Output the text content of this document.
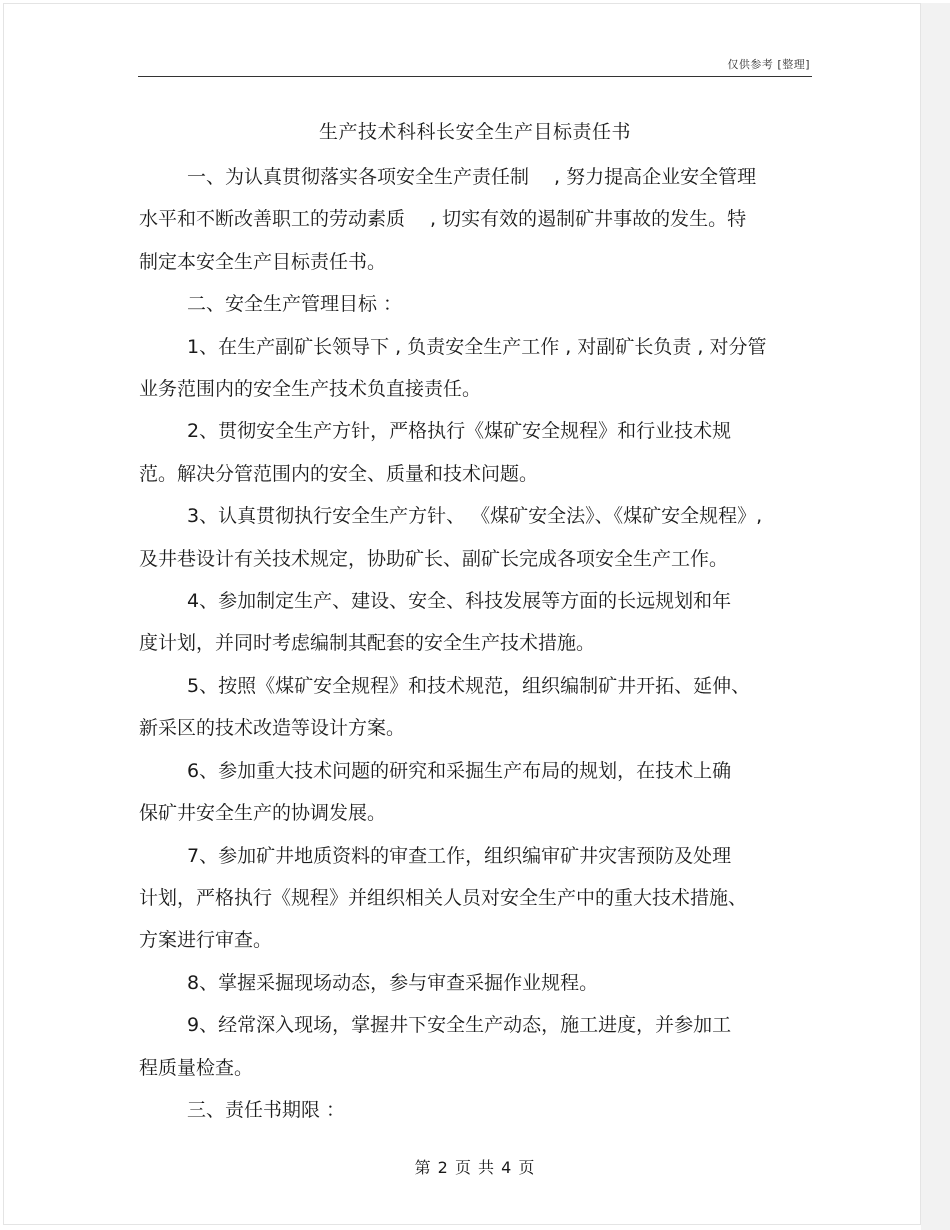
仅供参考 [整理]
生产技术科科长安全生产目标责任书
一、为认真贯彻落实各项安全生产责任制　 , 努力提高企业安全管理
水平和不断改善职工的劳动素质　 , 切实有效的遏制矿井事故的发生。特
制定本安全生产目标责任书。
二、安全生产管理目标 ：
1、在生产副矿长领导下 , 负责安全生产工作 , 对副矿长负责 , 对分管
业务范围内的安全生产技术负直接责任。
2、贯彻安全生产方针，严格执行《煤矿安全规程》和行业技术规
范。解决分管范围内的安全、质量和技术问题。
3、认真贯彻执行安全生产方针、 《煤矿安全法》、《煤矿安全规程》,
及井巷设计有关技术规定，协助矿长、副矿长完成各项安全生产工作。
4、参加制定生产、建设、安全、科技发展等方面的长远规划和年
度计划，并同时考虑编制其配套的安全生产技术措施。
5、按照《煤矿安全规程》和技术规范，组织编制矿井开拓、延伸、
新采区的技术改造等设计方案。
6、参加重大技术问题的研究和采掘生产布局的规划，在技术上确
保矿井安全生产的协调发展。
7、参加矿井地质资料的审查工作，组织编审矿井灾害预防及处理
计划，严格执行《规程》并组织相关人员对安全生产中的重大技术措施、
方案进行审查。
8、掌握采掘现场动态，参与审查采掘作业规程。
9、经常深入现场，掌握井下安全生产动态，施工进度，并参加工
程质量检查。
三、责任书期限 ：
第 2 页 共 4 页
